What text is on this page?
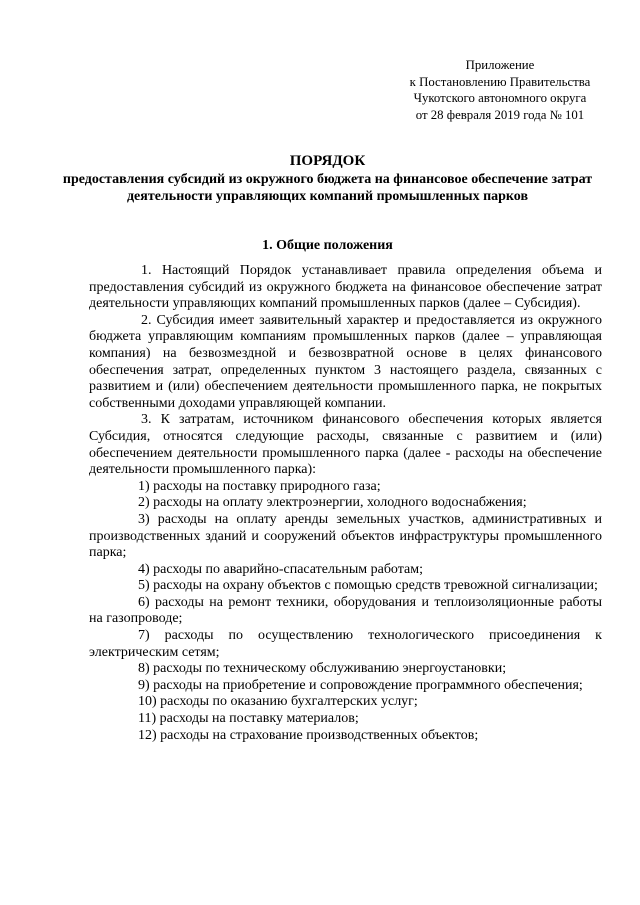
Приложение
к Постановлению Правительства
Чукотского автономного округа
от 28 февраля 2019 года № 101
ПОРЯДОК
предоставления субсидий из окружного бюджета на финансовое обеспечение затрат деятельности управляющих компаний промышленных парков
1. Общие положения

1. Настоящий Порядок устанавливает правила определения объема и предоставления субсидий из окружного бюджета на финансовое обеспечение затрат деятельности управляющих компаний промышленных парков (далее – Субсидия).

2. Субсидия имеет заявительный характер и предоставляется из окружного бюджета управляющим компаниям промышленных парков (далее – управляющая компания) на безвозмездной и безвозвратной основе в целях финансового обеспечения затрат, определенных пунктом 3 настоящего раздела, связанных с развитием и (или) обеспечением деятельности промышленного парка, не покрытых собственными доходами управляющей компании.

3. К затратам, источником финансового обеспечения которых является Субсидия, относятся следующие расходы, связанные с развитием и (или) обеспечением деятельности промышленного парка (далее - расходы на обеспечение деятельности промышленного парка):

1) расходы на поставку природного газа;

2) расходы на оплату электроэнергии, холодного водоснабжения;

3) расходы на оплату аренды земельных участков, административных и производственных зданий и сооружений объектов инфраструктуры промышленного парка;

4) расходы по аварийно-спасательным работам;

5) расходы на охрану объектов с помощью средств тревожной сигнализации;

6) расходы на ремонт техники, оборудования и теплоизоляционные работы на газопроводе;

7) расходы по осуществлению технологического присоединения к электрическим сетям;

8) расходы по техническому обслуживанию энергоустановки;

9) расходы на приобретение и сопровождение программного обеспечения;

10) расходы по оказанию бухгалтерских услуг;

11) расходы на поставку материалов;

12) расходы на страхование производственных объектов;
